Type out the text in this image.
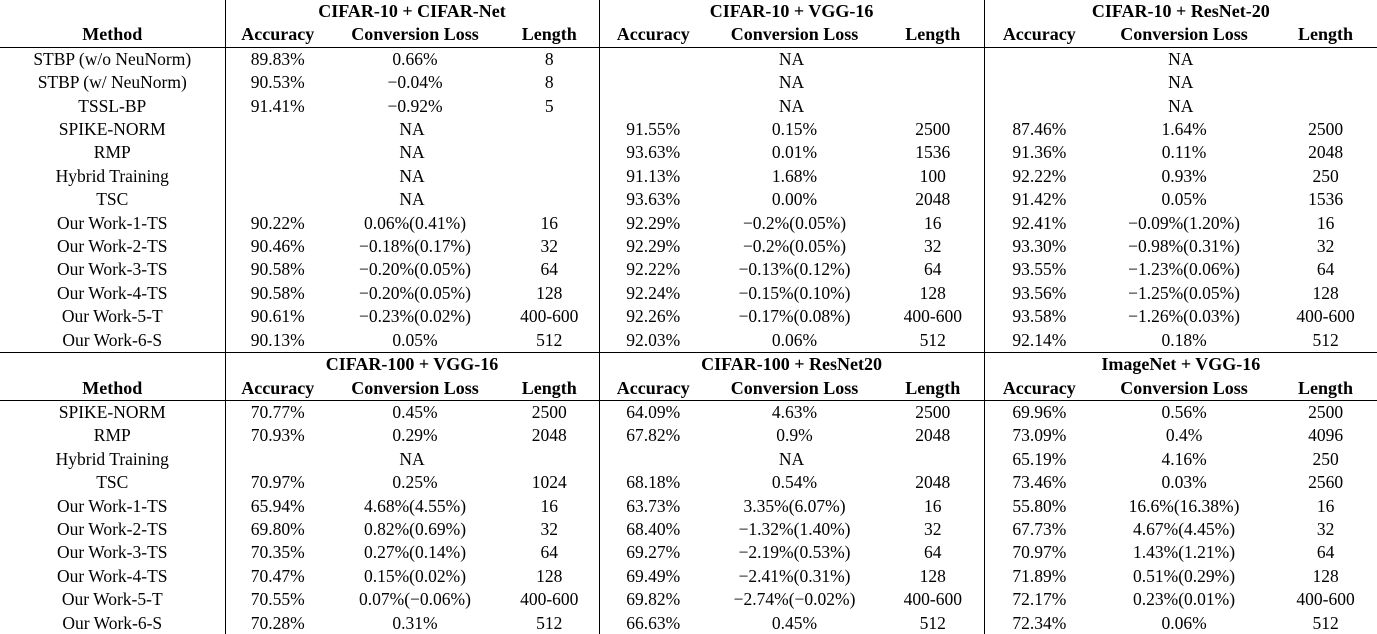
	CIFAR-10 + CIFAR-Net			CIFAR-10 + VGG-16			CIFAR-10 + ResNet-20		
Method	Accuracy	Conversion Loss	Length	Accuracy	Conversion Loss	Length	Accuracy	Conversion Loss	Length
STBP (w/o NeuNorm)	89.83%	0.66%	8	NA			NA		
STBP (w/ NeuNorm)	90.53%	−0.04%	8	NA			NA		
TSSL-BP	91.41%	−0.92%	5	NA			NA		
SPIKE-NORM	NA			91.55%	0.15%	2500	87.46%	1.64%	2500
RMP	NA			93.63%	0.01%	1536	91.36%	0.11%	2048
Hybrid Training	NA			91.13%	1.68%	100	92.22%	0.93%	250
TSC	NA			93.63%	0.00%	2048	91.42%	0.05%	1536
Our Work-1-TS	90.22%	0.06%(0.41%)	16	92.29%	−0.2%(0.05%)	16	92.41%	−0.09%(1.20%)	16
Our Work-2-TS	90.46%	−0.18%(0.17%)	32	92.29%	−0.2%(0.05%)	32	93.30%	−0.98%(0.31%)	32
Our Work-3-TS	90.58%	−0.20%(0.05%)	64	92.22%	−0.13%(0.12%)	64	93.55%	−1.23%(0.06%)	64
Our Work-4-TS	90.58%	−0.20%(0.05%)	128	92.24%	−0.15%(0.10%)	128	93.56%	−1.25%(0.05%)	128
Our Work-5-T	90.61%	−0.23%(0.02%)	400-600	92.26%	−0.17%(0.08%)	400-600	93.58%	−1.26%(0.03%)	400-600
Our Work-6-S	90.13%	0.05%	512	92.03%	0.06%	512	92.14%	0.18%	512
	CIFAR-100 + VGG-16			CIFAR-100 + ResNet20			ImageNet + VGG-16		
Method	Accuracy	Conversion Loss	Length	Accuracy	Conversion Loss	Length	Accuracy	Conversion Loss	Length
SPIKE-NORM	70.77%	0.45%	2500	64.09%	4.63%	2500	69.96%	0.56%	2500
RMP	70.93%	0.29%	2048	67.82%	0.9%	2048	73.09%	0.4%	4096
Hybrid Training	NA			NA			65.19%	4.16%	250
TSC	70.97%	0.25%	1024	68.18%	0.54%	2048	73.46%	0.03%	2560
Our Work-1-TS	65.94%	4.68%(4.55%)	16	63.73%	3.35%(6.07%)	16	55.80%	16.6%(16.38%)	16
Our Work-2-TS	69.80%	0.82%(0.69%)	32	68.40%	−1.32%(1.40%)	32	67.73%	4.67%(4.45%)	32
Our Work-3-TS	70.35%	0.27%(0.14%)	64	69.27%	−2.19%(0.53%)	64	70.97%	1.43%(1.21%)	64
Our Work-4-TS	70.47%	0.15%(0.02%)	128	69.49%	−2.41%(0.31%)	128	71.89%	0.51%(0.29%)	128
Our Work-5-T	70.55%	0.07%(−0.06%)	400-600	69.82%	−2.74%(−0.02%)	400-600	72.17%	0.23%(0.01%)	400-600
Our Work-6-S	70.28%	0.31%	512	66.63%	0.45%	512	72.34%	0.06%	512
